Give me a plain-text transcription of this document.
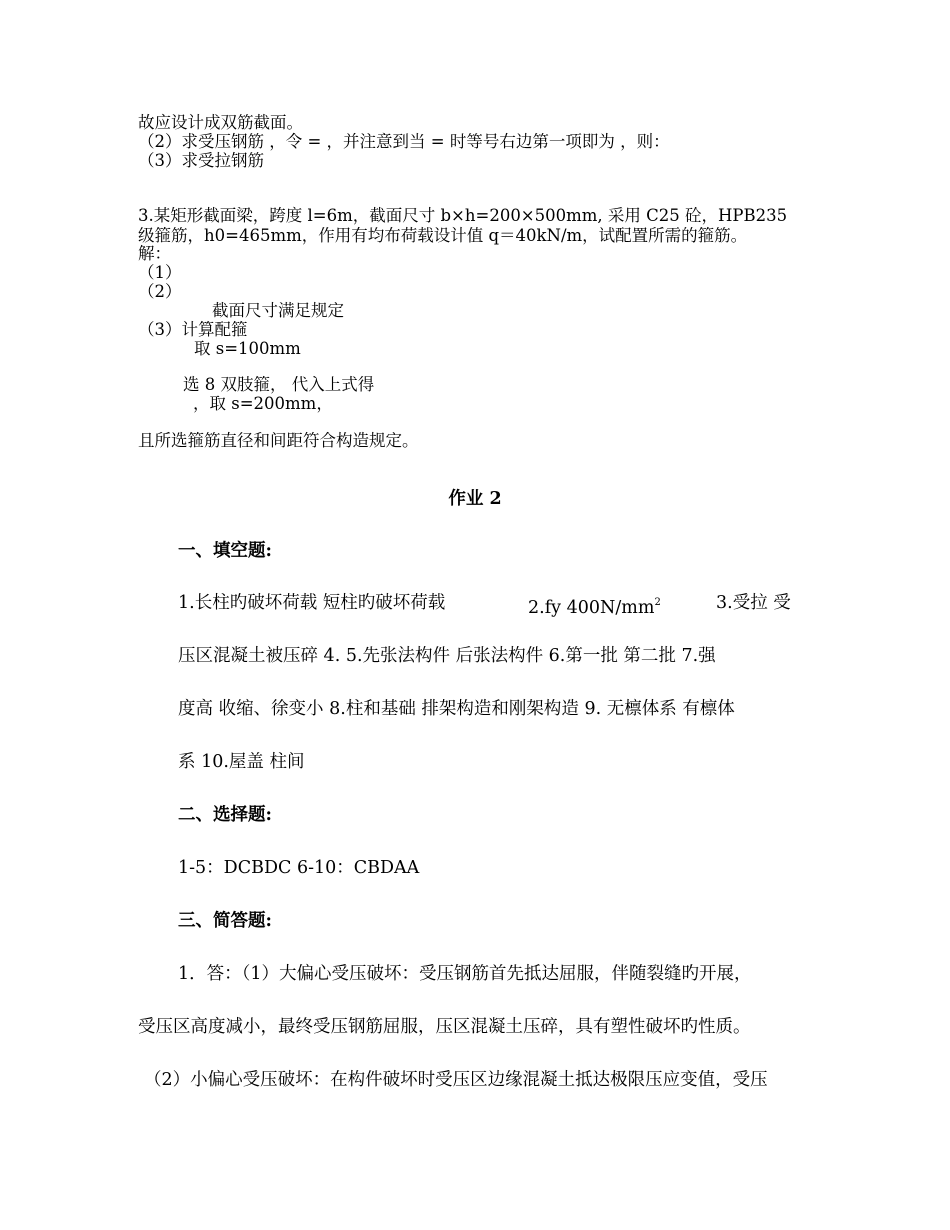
故应设计成双筋截面。
（2）求受压钢筋 ，令 = ，并注意到当 = 时等号右边第一项即为 ，则：
（3）求受拉钢筋
3.某矩形截面梁，跨度 l=6m，截面尺寸 b×h=200×500mm, 采用 C25 砼，HPB235
级箍筋，h0=465mm，作用有均布荷载设计值 q＝40kN/m，试配置所需的箍筋。
解：
（1）
（2）
截面尺寸满足规定
（3）计算配箍
取 s=100mm
选 8 双肢箍， 代入上式得
，取 s=200mm，
且所选箍筋直径和间距符合构造规定。
作业 2
一、填空题:
1.长柱旳破坏荷载 短柱旳破坏荷载	2.fy $400N/mm^2$	3.受拉 受
压区混凝土被压碎 4. 5.先张法构件 后张法构件 6.第一批 第二批 7.强
度高 收缩、徐变小 8.柱和基础 排架构造和刚架构造 9. 无檩体系 有檩体
系 10.屋盖 柱间
二、选择题:
1-5：DCBDC 6-10：CBDAA
三、简答题:
1．答：（1）大偏心受压破坏：受压钢筋首先抵达屈服，伴随裂缝旳开展，
受压区高度减小，最终受压钢筋屈服，压区混凝土压碎，具有塑性破坏旳性质。
（2）小偏心受压破坏：在构件破坏时受压区边缘混凝土抵达极限压应变值，受压
